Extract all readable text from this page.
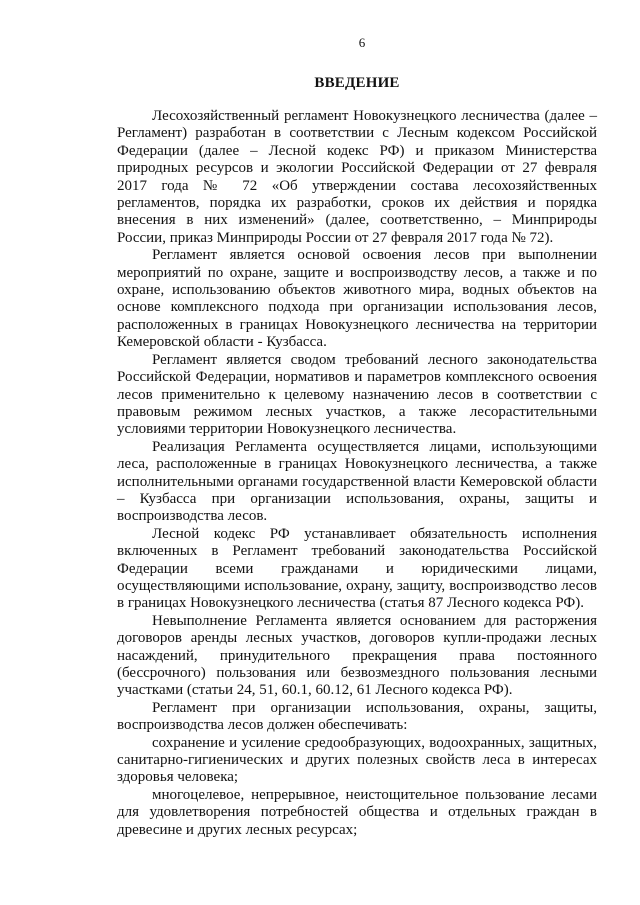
6
ВВЕДЕНИЕ

Лесохозяйственный регламент Новокузнецкого лесничества (далее – Регламент) разработан в соответствии с Лесным кодексом Российской Федерации (далее – Лесной кодекс РФ) и приказом Министерства природных ресурсов и экологии Российской Федерации от 27 февраля 2017 года № 72 «Об утверждении состава лесохозяйственных регламентов, порядка их разработки, сроков их действия и порядка внесения в них изменений» (далее, соответственно, – Минприроды России, приказ Минприроды России от 27 февраля 2017 года № 72).

Регламент является основой освоения лесов при выполнении мероприятий по охране, защите и воспроизводству лесов, а также и по охране, использованию объектов животного мира, водных объектов на основе комплексного подхода при организации использования лесов, расположенных в границах Новокузнецкого лесничества на территории Кемеровской области - Кузбасса.

Регламент является сводом требований лесного законодательства Российской Федерации, нормативов и параметров комплексного освоения лесов применительно к целевому назначению лесов в соответствии с правовым режимом лесных участков, а также лесорастительными условиями территории Новокузнецкого лесничества.

Реализация Регламента осуществляется лицами, использующими леса, расположенные в границах Новокузнецкого лесничества, а также исполнительными органами государственной власти Кемеровской области – Кузбасса при организации использования, охраны, защиты и воспроизводства лесов.

Лесной кодекс РФ устанавливает обязательность исполнения включенных в Регламент требований законодательства Российской Федерации всеми гражданами и юридическими лицами, осуществляющими использование, охрану, защиту, воспроизводство лесов в границах Новокузнецкого лесничества (статья 87 Лесного кодекса РФ).

Невыполнение Регламента является основанием для расторжения договоров аренды лесных участков, договоров купли-продажи лесных насаждений, принудительного прекращения права постоянного (бессрочного) пользования или безвозмездного пользования лесными участками (статьи 24, 51, 60.1, 60.12, 61 Лесного кодекса РФ).

Регламент при организации использования, охраны, защиты, воспроизводства лесов должен обеспечивать:

сохранение и усиление средообразующих, водоохранных, защитных, санитарно-гигиенических и других полезных свойств леса в интересах здоровья человека;

многоцелевое, непрерывное, неистощительное пользование лесами для удовлетворения потребностей общества и отдельных граждан в древесине и других лесных ресурсах;
